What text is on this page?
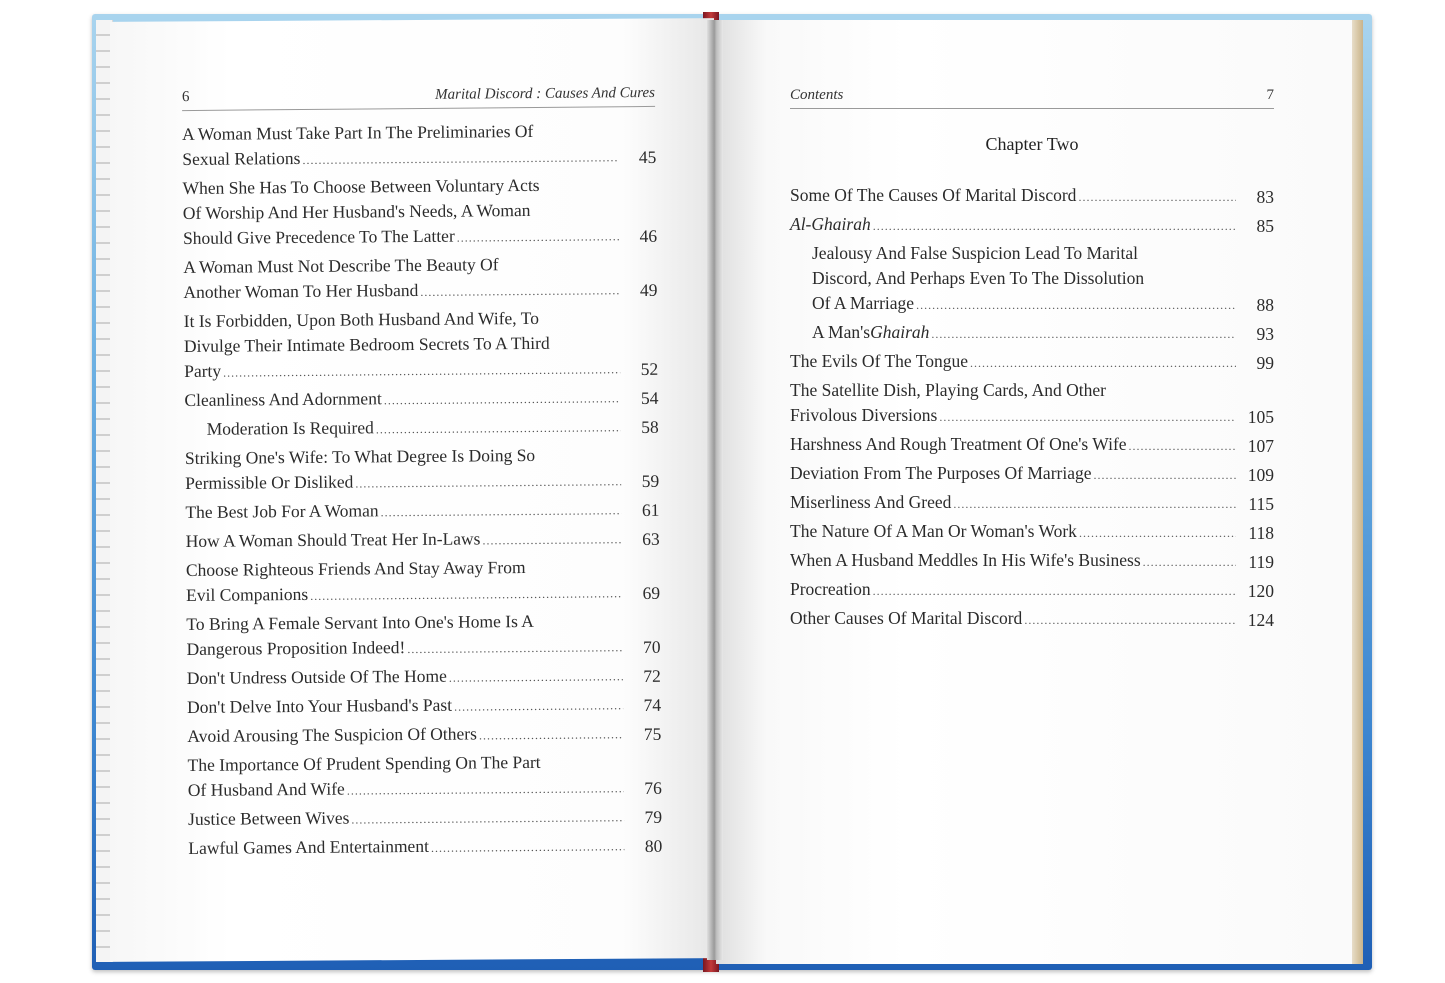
6	Marital Discord : Causes And Cures	Contents	7
Chapter Two
A Woman Must Take Part In The Preliminaries Of
Sexual Relations .....	45
When She Has To Choose Between Voluntary Acts
Of Worship And Her Husband's Needs, A Woman
Should Give Precedence To The Latter .....	46
A Woman Must Not Describe The Beauty Of
Another Woman To Her Husband .....	49
It Is Forbidden, Upon Both Husband And Wife, To
Divulge Their Intimate Bedroom Secrets To A Third
Party .....	52
Cleanliness And Adornment .....	54
Moderation Is Required .....	58
Striking One's Wife: To What Degree Is Doing So
Permissible Or Disliked .....	59
The Best Job For A Woman .....	61
How A Woman Should Treat Her In-Laws .....	63
Choose Righteous Friends And Stay Away From
Evil Companions .....	69
To Bring A Female Servant Into One's Home Is A
Dangerous Proposition Indeed! .....	70
Don't Undress Outside Of The Home .....	72
Don't Delve Into Your Husband's Past .....	74
Avoid Arousing The Suspicion Of Others .....	75
The Importance Of Prudent Spending On The Part
Of Husband And Wife .....	76
Justice Between Wives .....	79
Lawful Games And Entertainment .....	80
Some Of The Causes Of Marital Discord .....	83
Al-Ghairah .....	85
Jealousy And False Suspicion Lead To Marital
Discord, And Perhaps Even To The Dissolution
Of A Marriage .....	88
A Man's Ghairah .....	93
The Evils Of The Tongue .....	99
The Satellite Dish, Playing Cards, And Other
Frivolous Diversions .....	105
Harshness And Rough Treatment Of One's Wife .....	107
Deviation From The Purposes Of Marriage .....	109
Miserliness And Greed .....	115
The Nature Of A Man Or Woman's Work .....	118
When A Husband Meddles In His Wife's Business .....	119
Procreation .....	120
Other Causes Of Marital Discord .....	124
